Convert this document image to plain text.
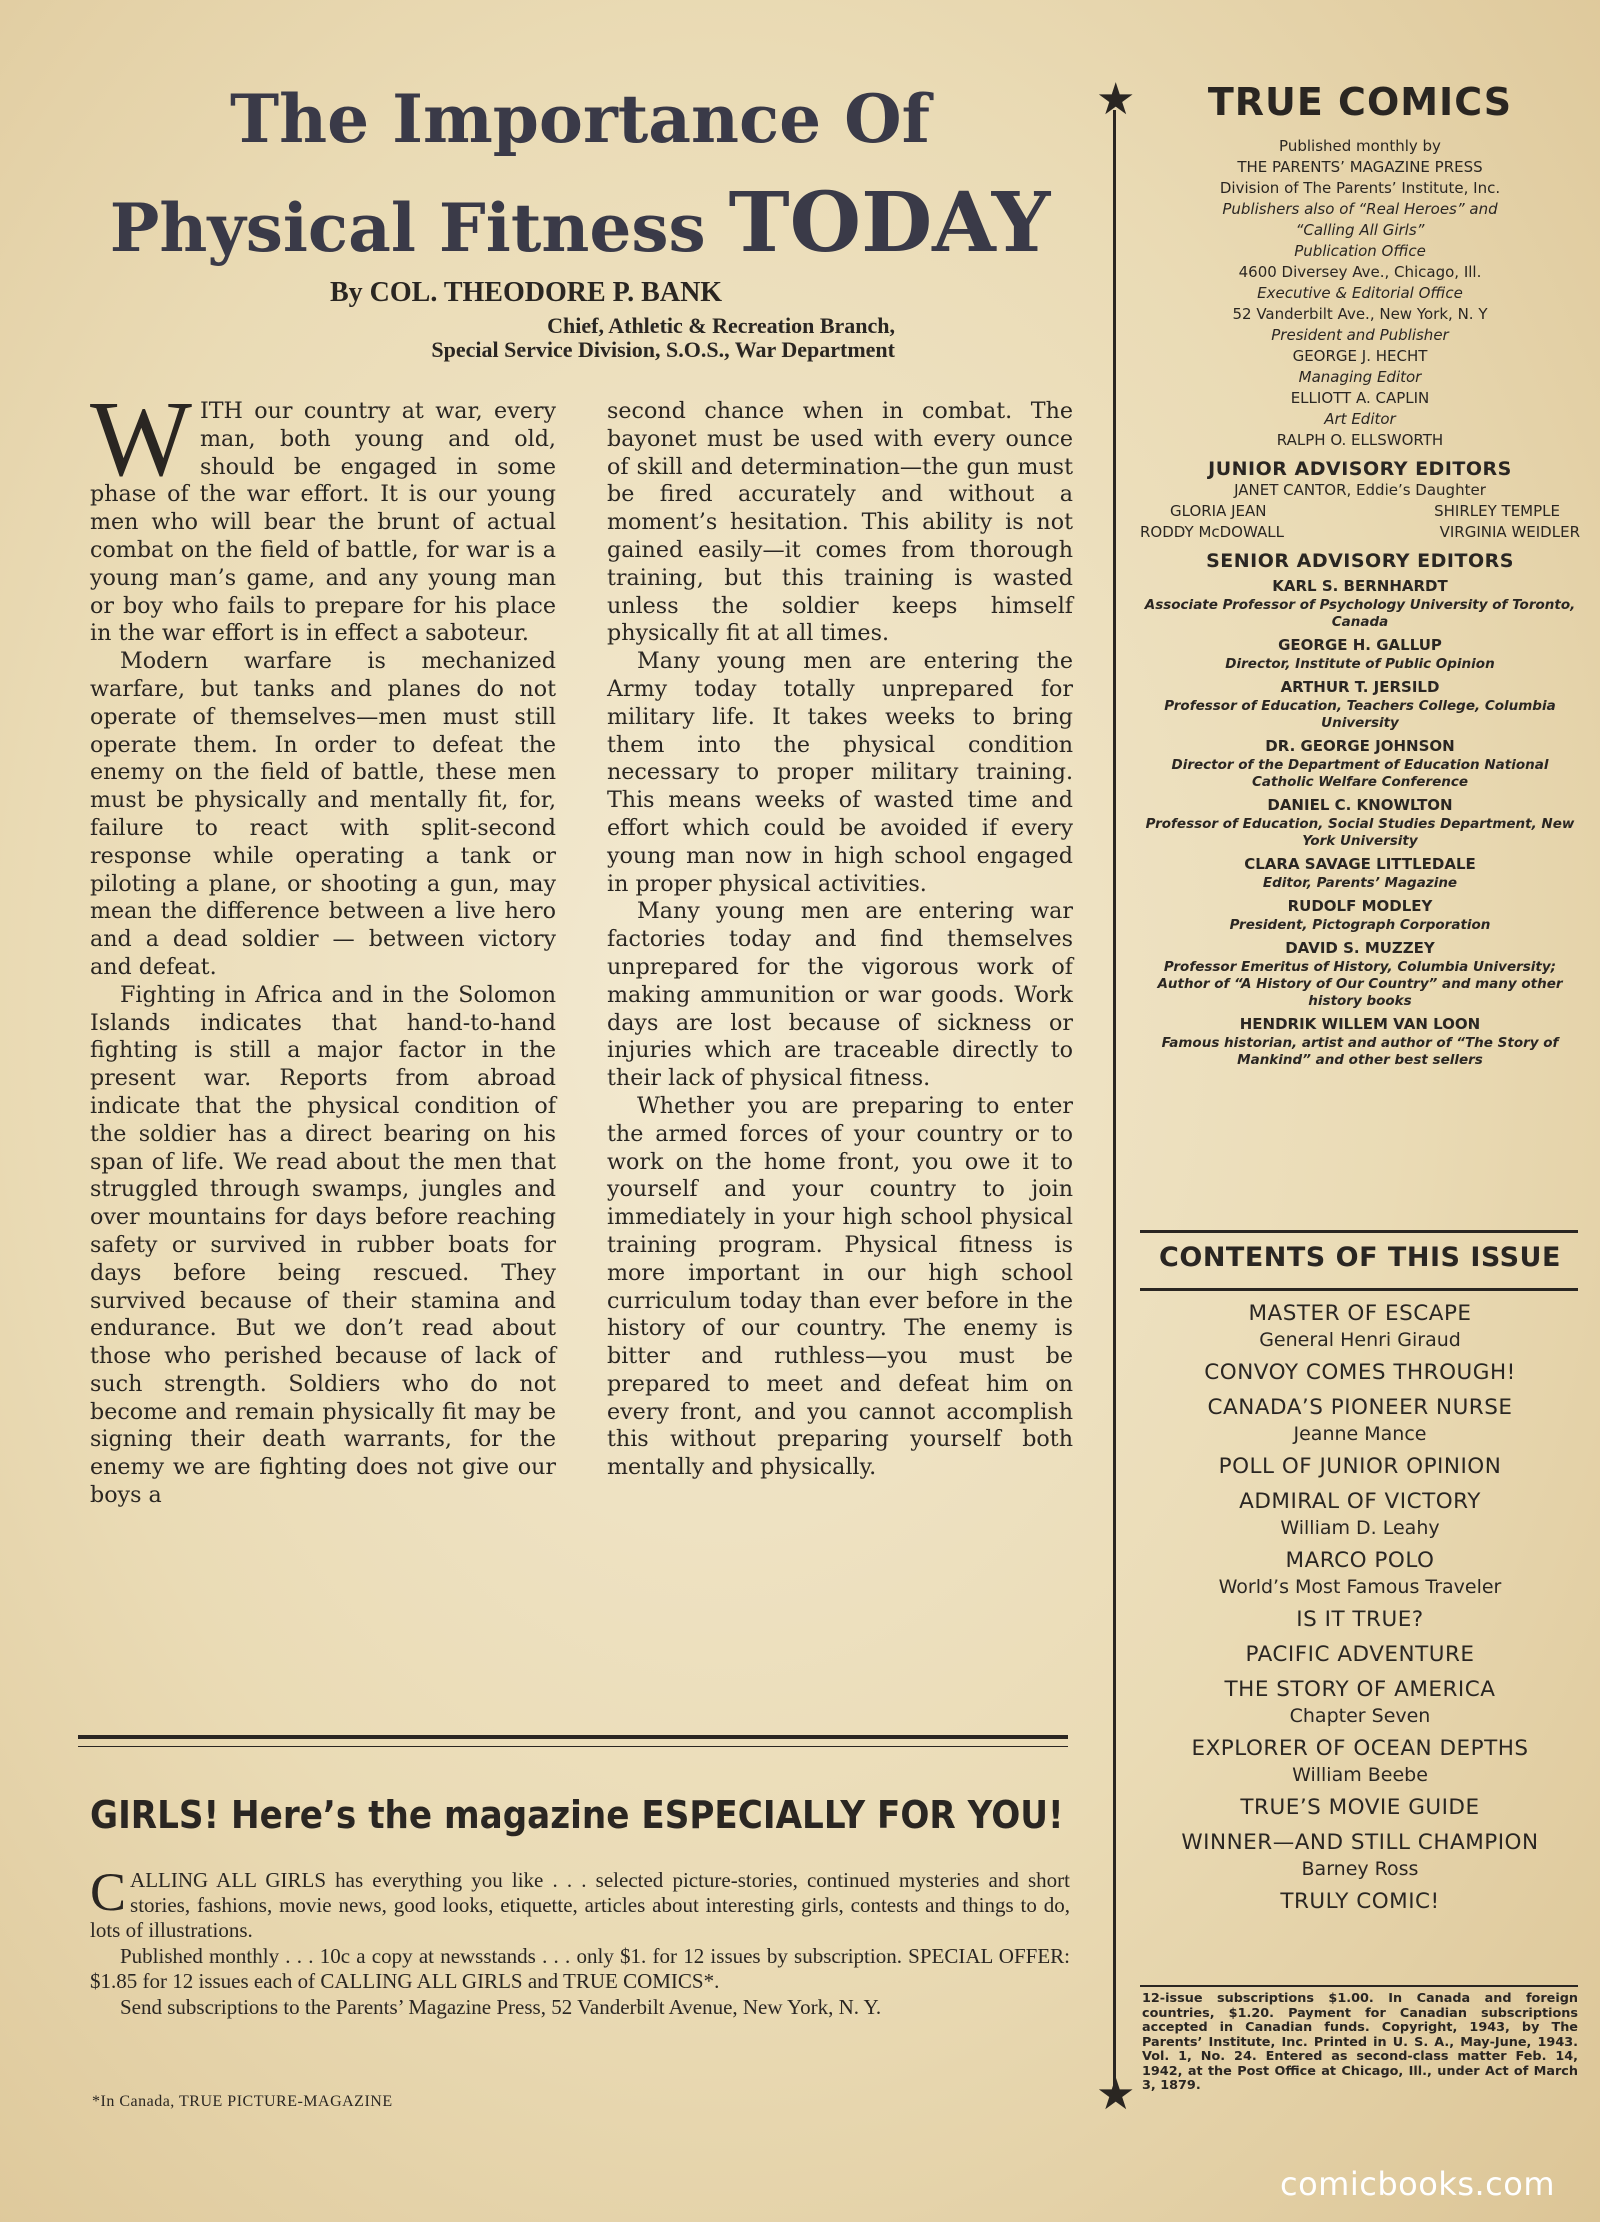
The Importance Of
Physical Fitness TODAY
By COL. THEODORE P. BANK
Chief, Athletic & Recreation Branch,
Special Service Division, S.O.S., War Department

WITH our country at war, every man, both young and old, should be engaged in some phase of the war effort. It is our young men who will bear the brunt of actual combat on the field of battle, for war is a young man’s game, and any young man or boy who fails to prepare for his place in the war effort is in effect a saboteur.

Modern warfare is mechanized warfare, but tanks and planes do not operate of themselves—men must still operate them. In order to defeat the enemy on the field of battle, these men must be physically and mentally fit, for, failure to react with split-second response while operating a tank or piloting a plane, or shooting a gun, may mean the difference between a live hero and a dead soldier — between victory and defeat.

Fighting in Africa and in the Solomon Islands indicates that hand-to-hand fighting is still a major factor in the present war. Reports from abroad indicate that the physical condition of the soldier has a direct bearing on his span of life. We read about the men that struggled through swamps, jungles and over mountains for days before reaching safety or survived in rubber boats for days before being rescued. They survived because of their stamina and endurance. But we don’t read about those who perished because of lack of such strength. Soldiers who do not become and remain physically fit may be signing their death warrants, for the enemy we are fighting does not give our boys a

second chance when in combat. The bayonet must be used with every ounce of skill and determination—the gun must be fired accurately and without a moment’s hesitation. This ability is not gained easily—it comes from thorough training, but this training is wasted unless the soldier keeps himself physically fit at all times.

Many young men are entering the Army today totally unprepared for military life. It takes weeks to bring them into the physical condition necessary to proper military training. This means weeks of wasted time and effort which could be avoided if every young man now in high school engaged in proper physical activities.

Many young men are entering war factories today and find themselves unprepared for the vigorous work of making ammunition or war goods. Work days are lost because of sickness or injuries which are traceable directly to their lack of physical fitness.

Whether you are preparing to enter the armed forces of your country or to work on the home front, you owe it to yourself and your country to join immediately in your high school physical training program. Physical fitness is more important in our high school curriculum today than ever before in the history of our country. The enemy is bitter and ruthless—you must be prepared to meet and defeat him on every front, and you cannot accomplish this without preparing yourself both mentally and physically.

GIRLS! Here’s the magazine ESPECIALLY FOR YOU!

CALLING ALL GIRLS has everything you like . . . selected picture-stories, continued mysteries and short stories, fashions, movie news, good looks, etiquette, articles about interesting girls, contests and things to do, lots of illustrations.

Published monthly . . . 10c a copy at newsstands . . . only $1. for 12 issues by subscription. SPECIAL OFFER: $1.85 for 12 issues each of CALLING ALL GIRLS and TRUE COMICS*.

Send subscriptions to the Parents’ Magazine Press, 52 Vanderbilt Avenue, New York, N. Y.

*In Canada, TRUE PICTURE-MAGAZINE
★
★
TRUE COMICS
Published monthly by
THE PARENTS’ MAGAZINE PRESS
Division of The Parents’ Institute, Inc.
Publishers also of “Real Heroes” and
“Calling All Girls”
Publication Office
4600 Diversey Ave., Chicago, Ill.
Executive & Editorial Office
52 Vanderbilt Ave., New York, N. Y
President and Publisher
GEORGE J. HECHT
Managing Editor
ELLIOTT A. CAPLIN
Art Editor
RALPH O. ELLSWORTH
JUNIOR ADVISORY EDITORS
JANET CANTOR, Eddie’s Daughter
GLORIA JEAN	SHIRLEY TEMPLE
RODDY McDOWALL	VIRGINIA WEIDLER
SENIOR ADVISORY EDITORS
KARL S. BERNHARDT
Associate Professor of Psychology University of Toronto, Canada
GEORGE H. GALLUP
Director, Institute of Public Opinion
ARTHUR T. JERSILD
Professor of Education, Teachers College, Columbia University
DR. GEORGE JOHNSON
Director of the Department of Education National Catholic Welfare Conference
DANIEL C. KNOWLTON
Professor of Education, Social Studies Department, New York University
CLARA SAVAGE LITTLEDALE
Editor, Parents’ Magazine
RUDOLF MODLEY
President, Pictograph Corporation
DAVID S. MUZZEY
Professor Emeritus of History, Columbia University; Author of “A History of Our Country” and many other history books
HENDRIK WILLEM VAN LOON
Famous historian, artist and author of “The Story of Mankind” and other best sellers
CONTENTS OF THIS ISSUE
MASTER OF ESCAPE
General Henri Giraud
CONVOY COMES THROUGH!
CANADA’S PIONEER NURSE
Jeanne Mance
POLL OF JUNIOR OPINION
ADMIRAL OF VICTORY
William D. Leahy
MARCO POLO
World’s Most Famous Traveler
IS IT TRUE?
PACIFIC ADVENTURE
THE STORY OF AMERICA
Chapter Seven
EXPLORER OF OCEAN DEPTHS
William Beebe
TRUE’S MOVIE GUIDE
WINNER—AND STILL CHAMPION
Barney Ross
TRULY COMIC!
12-issue subscriptions $1.00. In Canada and foreign countries, $1.20. Payment for Canadian subscriptions accepted in Canadian funds. Copyright, 1943, by The Parents’ Institute, Inc. Printed in U. S. A., May-June, 1943. Vol. 1, No. 24. Entered as second-class matter Feb. 14, 1942, at the Post Office at Chicago, Ill., under Act of March 3, 1879.
comicbooks.com
